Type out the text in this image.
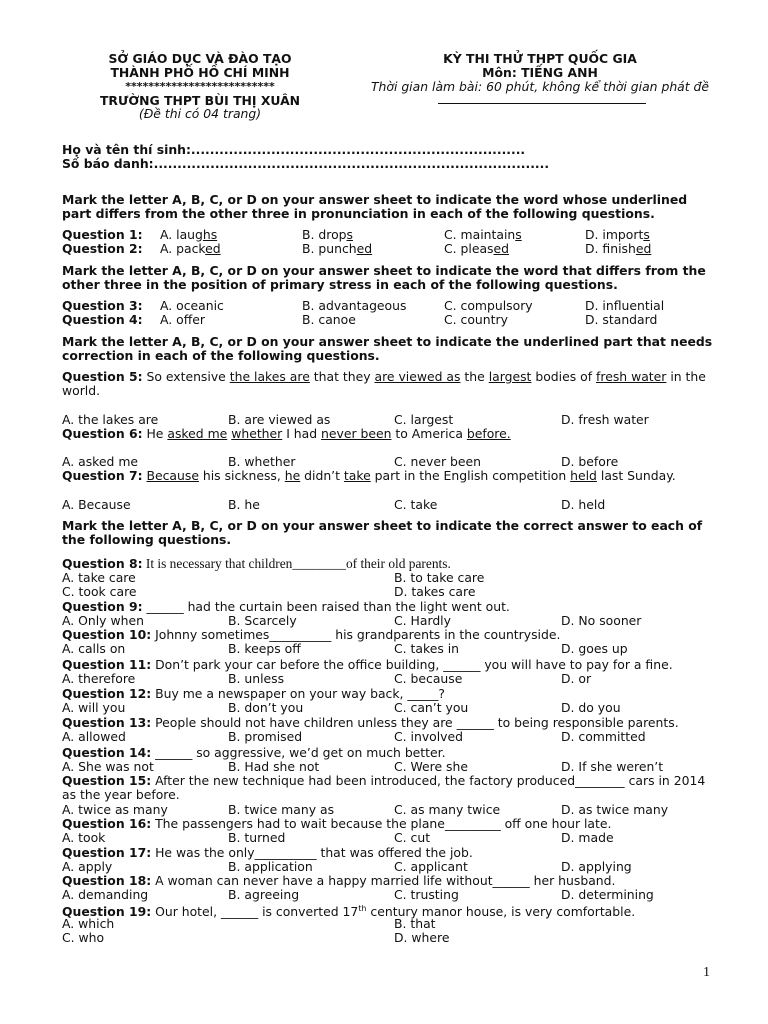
SỞ GIÁO DỤC VÀ ĐÀO TẠO
THÀNH PHỐ HỒ CHÍ MINH
**************************
TRƯỜNG THPT BÙI THỊ XUÂN
(Đề thi có 04 trang)
KỲ THI THỬ THPT QUỐC GIA
Môn: TIẾNG ANH
Thời gian làm bài: 60 phút, không kể thời gian phát đề
Họ và tên thí sinh:.......................................................................
Số báo danh:....................................................................................
Mark the letter A, B, C, or D on your answer sheet to indicate the word whose underlined part differs from the other three in pronunciation in each of the following questions.
Question 1: A. laughs	B. drops	C. maintains	D. imports
Question 2: A. packed	B. punched	C. pleased	D. finished
Mark the letter A, B, C, or D on your answer sheet to indicate the word that differs from the other three in the position of primary stress in each of the following questions.
Question 3: A. oceanic	B. advantageous	C. compulsory	D. influential
Question 4: A. offer	B. canoe	C. country	D. standard
Mark the letter A, B, C, or D on your answer sheet to indicate the underlined part that needs correction in each of the following questions.
Question 5: So extensive the lakes are that they are viewed as the largest bodies of fresh water in the world.
A. the lakes are	B. are viewed as	C. largest	D. fresh water
Question 6: He asked me whether I had never been to America before.
A. asked me	B. whether	C. never been	D. before
Question 7: Because his sickness, he didn’t take part in the English competition held last Sunday.
A. Because	B. he	C. take	D. held
Mark the letter A, B, C, or D on your answer sheet to indicate the correct answer to each of the following questions.
Question 8: It is necessary that children________of their old parents.
A. take care	B. to take care
C. took care	D. takes care
Question 9: ______ had the curtain been raised than the light went out.
A. Only when	B. Scarcely	C. Hardly	D. No sooner
Question 10: Johnny sometimes__________ his grandparents in the countryside.
A. calls on	B. keeps off	C. takes in	D. goes up
Question 11: Don’t park your car before the office building, ______ you will have to pay for a fine.
A. therefore	B. unless	C. because	D. or
Question 12: Buy me a newspaper on your way back, _____?
A. will you	B. don’t you	C. can’t you	D. do you
Question 13: People should not have children unless they are ______ to being responsible parents.
A. allowed	B. promised	C. involved	D. committed
Question 14: ______ so aggressive, we’d get on much better.
A. She was not	B. Had she not	C. Were she	D. If she weren’t
Question 15: After the new technique had been introduced, the factory produced________ cars in 2014 as the year before.
A. twice as many	B. twice many as	C. as many twice	D. as twice many
Question 16: The passengers had to wait because the plane_________ off one hour late.
A. took	B. turned	C. cut	D. made
Question 17: He was the only__________ that was offered the job.
A. apply	B. application	C. applicant	D. applying
Question 18: A woman can never have a happy married life without______ her husband.
A. demanding	B. agreeing	C. trusting	D. determining
Question 19: Our hotel, ______ is converted 17th century manor house, is very comfortable.
A. which	B. that
C. who	D. where
1
